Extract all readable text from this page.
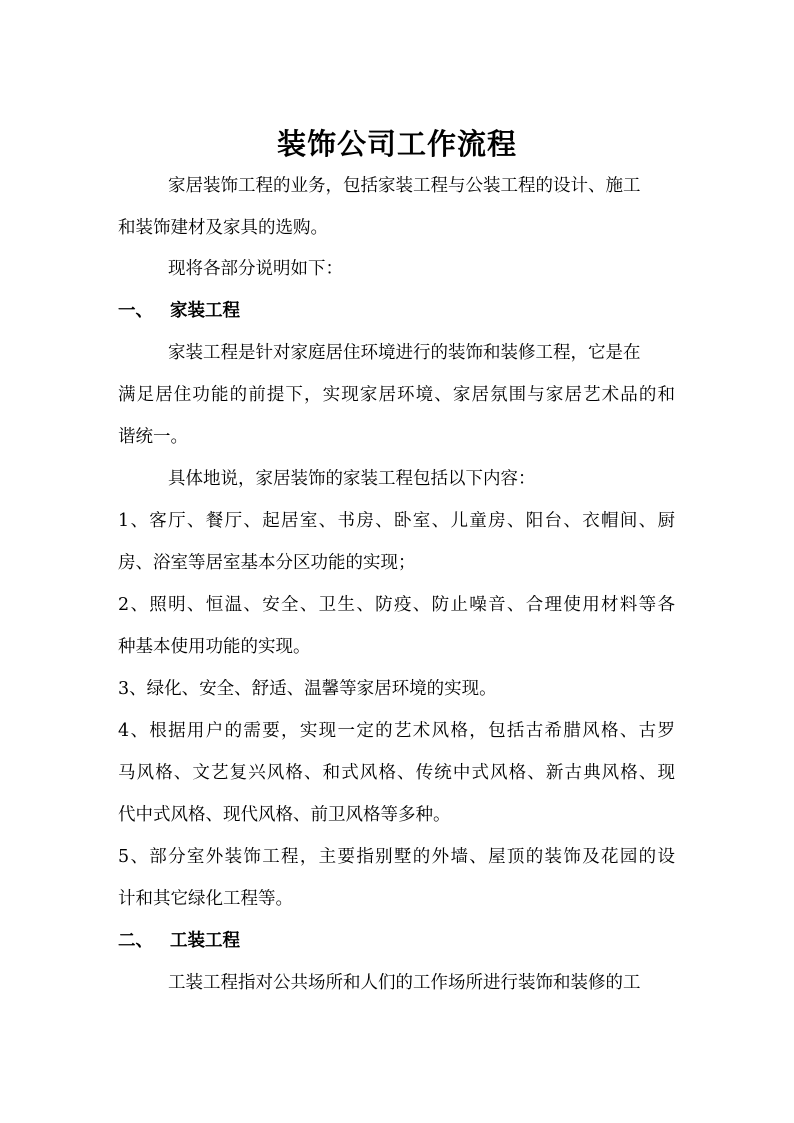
装饰公司工作流程
家居装饰工程的业务，包括家装工程与公装工程的设计、施工
和装饰建材及家具的选购。
现将各部分说明如下：
一、 家装工程
家装工程是针对家庭居住环境进行的装饰和装修工程，它是在
满足居住功能的前提下，实现家居环境、家居氛围与家居艺术品的和
谐统一。
具体地说，家居装饰的家装工程包括以下内容：
1、客厅、餐厅、起居室、书房、卧室、儿童房、阳台、衣帽间、厨
房、浴室等居室基本分区功能的实现；
2、照明、恒温、安全、卫生、防疫、防止噪音、合理使用材料等各
种基本使用功能的实现。
3、绿化、安全、舒适、温馨等家居环境的实现。
4、根据用户的需要，实现一定的艺术风格，包括古希腊风格、古罗
马风格、文艺复兴风格、和式风格、传统中式风格、新古典风格、现
代中式风格、现代风格、前卫风格等多种。
5、部分室外装饰工程，主要指别墅的外墙、屋顶的装饰及花园的设
计和其它绿化工程等。
二、 工装工程
工装工程指对公共场所和人们的工作场所进行装饰和装修的工
